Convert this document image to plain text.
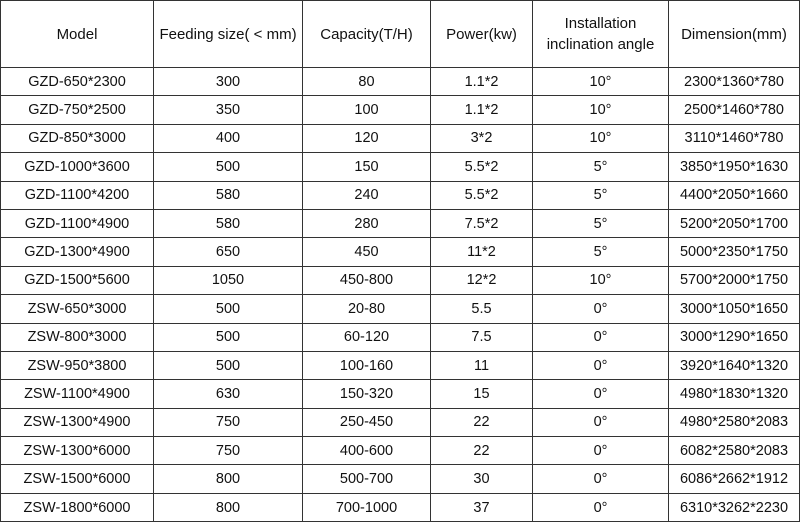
Model	Feeding size( < mm)	Capacity(T/H)	Power(kw)	Installation inclination angle	Dimension(mm)
GZD-650*2300	300	80	1.1*2	10°	2300*1360*780
GZD-750*2500	350	100	1.1*2	10°	2500*1460*780
GZD-850*3000	400	120	3*2	10°	3110*1460*780
GZD-1000*3600	500	150	5.5*2	5°	3850*1950*1630
GZD-1100*4200	580	240	5.5*2	5°	4400*2050*1660
GZD-1100*4900	580	280	7.5*2	5°	5200*2050*1700
GZD-1300*4900	650	450	11*2	5°	5000*2350*1750
GZD-1500*5600	1050	450-800	12*2	10°	5700*2000*1750
ZSW-650*3000	500	20-80	5.5	0°	3000*1050*1650
ZSW-800*3000	500	60-120	7.5	0°	3000*1290*1650
ZSW-950*3800	500	100-160	11	0°	3920*1640*1320
ZSW-1100*4900	630	150-320	15	0°	4980*1830*1320
ZSW-1300*4900	750	250-450	22	0°	4980*2580*2083
ZSW-1300*6000	750	400-600	22	0°	6082*2580*2083
ZSW-1500*6000	800	500-700	30	0°	6086*2662*1912
ZSW-1800*6000	800	700-1000	37	0°	6310*3262*2230
